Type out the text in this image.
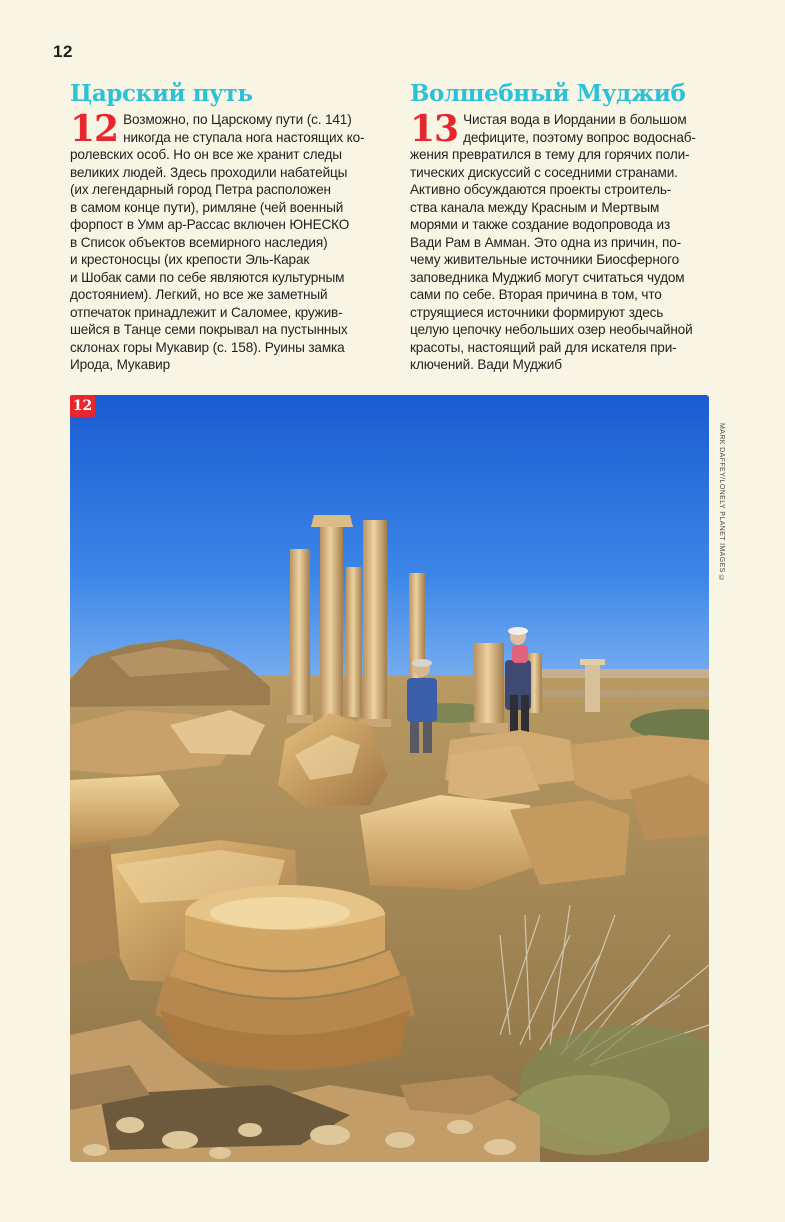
12
Царский путь
12 Возможно, по Царскому пути (с. 141)
никогда не ступала нога настоящих ко-
ролевских особ. Но он все же хранит следы
великих людей. Здесь проходили набатейцы
(их легендарный город Петра расположен
в самом конце пути), римляне (чей военный
форпост в Умм ар-Рассас включен ЮНЕСКО
в Список объектов всемирного наследия)
и крестоносцы (их крепости Эль-Карак
и Шобак сами по себе являются культурным
достоянием). Легкий, но все же заметный
отпечаток принадлежит и Саломее, кружив-
шейся в Танце семи покрывал на пустынных
склонах горы Мукавир (с. 158). Руины замка
Ирода, Мукавир
Волшебный Муджиб
13 Чистая вода в Иордании в большом
дефиците, поэтому вопрос водоснаб-
жения превратился в тему для горячих поли-
тических дискуссий с соседними странами.
Активно обсуждаются проекты строитель-
ства канала между Красным и Мертвым
морями и также создание водопровода из
Вади Рам в Амман. Это одна из причин, по-
чему живительные источники Биосферного
заповедника Муджиб могут считаться чудом
сами по себе. Вторая причина в том, что
струящиеся источники формируют здесь
целую цепочку небольших озер необычайной
красоты, настоящий рай для искателя при-
ключений. Вади Муджиб
12
MARK DAFFEY/LONELY PLANET IMAGES ©
